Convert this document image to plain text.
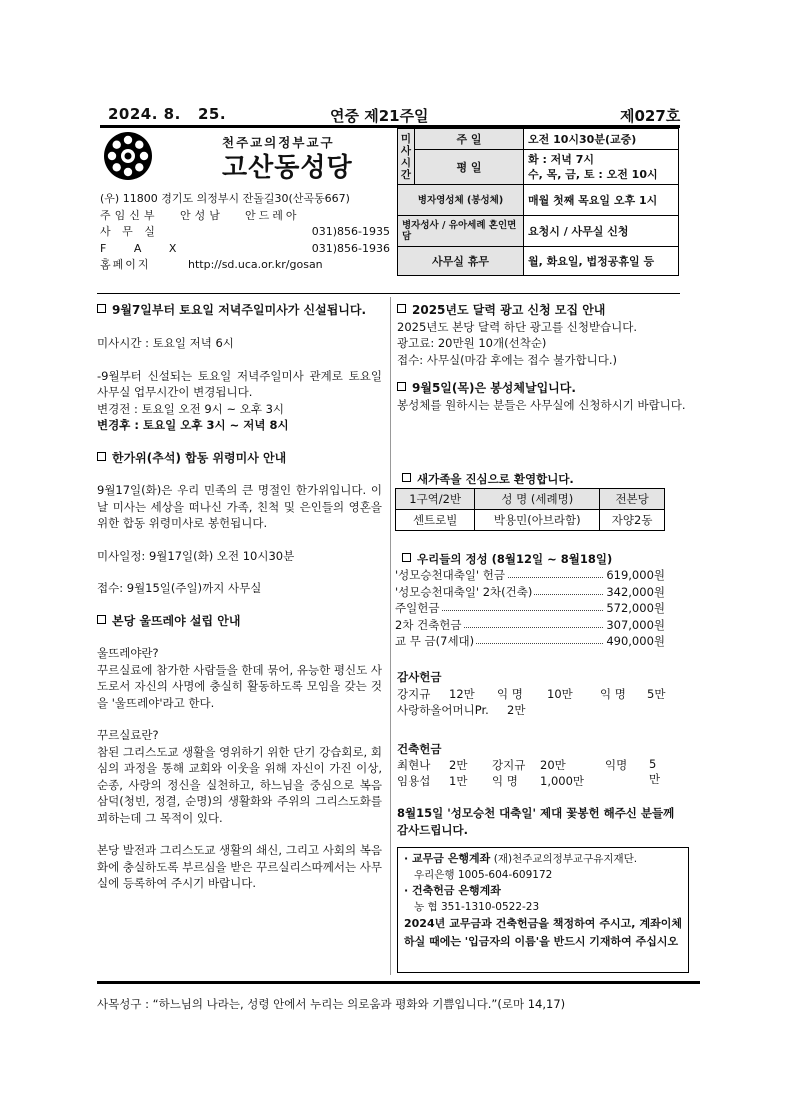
2024. 8.   25.	연중 제21주일	제027호
천주교의정부교구
고산동성당
(우) 11800 경기도 의정부시 잔돌길30(산곡동667)
주임신부 안성남 안드레아
사 무 실	031)856-1935
F A X	031)856-1936
홈페이지	http://sd.uca.or.kr/gosan
미
사
시
간	주 일	오전 10시30분(교중)
	평 일	화 : 저녁 7시
수, 목, 금, 토 : 오전 10시

병자영성체 (봉성체)		매월 첫째 목요일 오후 1시
병자성사 / 유아세례 혼인면담		요청시 / 사무실 신청
사무실 휴무		월, 화요일, 법정공휴일 등
9월7일부터 토요일 저녁주일미사가 신설됩니다.
미사시간 : 토요일 저녁 6시
-9월부터 신설되는 토요일 저녁주일미사 관계로 토요일 사무실 업무시간이 변경됩니다.
변경전 : 토요일 오전 9시 ~ 오후 3시
변경후 : 토요일 오후 3시 ~ 저녁 8시
한가위(추석) 합동 위령미사 안내
9월17일(화)은 우리 민족의 큰 명절인 한가위입니다. 이날 미사는 세상을 떠나신 가족, 친척 및 은인들의 영혼을 위한 합동 위령미사로 봉헌됩니다.
미사일정: 9월17일(화) 오전 10시30분
접수: 9월15일(주일)까지 사무실
본당 울뜨레야 설립 안내
울뜨레야란?
꾸르실료에 참가한 사람들을 한데 묶어, 유능한 평신도 사도로서 자신의 사명에 충실히 활동하도록 모임을 갖는 것을 '울뜨레야'라고 한다.
꾸르실료란?
참된 그리스도교 생활을 영위하기 위한 단기 강습회로, 회심의 과정을 통해 교회와 이웃을 위해 자신이 가진 이상, 순종, 사랑의 정신을 실천하고, 하느님을 중심으로 복음 삼덕(청빈, 정결, 순명)의 생활화와 주위의 그리스도화를 꾀하는데 그 목적이 있다.
본당 발전과 그리스도교 생활의 쇄신, 그리고 사회의 복음화에 충실하도록 부르심을 받은 꾸르실리스따께서는 사무실에 등록하여 주시기 바랍니다.
2025년도 달력 광고 신청 모집 안내
2025년도 본당 달력 하단 광고를 신청받습니다.
광고료: 20만원 10개(선착순)
접수: 사무실(마감 후에는 접수 불가합니다.)
9월5일(목)은 봉성체날입니다.
봉성체를 원하시는 분들은 사무실에 신청하시기 바랍니다.
새가족을 진심으로 환영합니다.
1구역/2반	성 명 (세례명)	전본당
센트로빌	박용민(아브라함)	자양2동
우리들의 정성 (8월12일 ~ 8월18일)
'성모승천대축일' 헌금	619,000원
'성모승천대축일' 2차(건축)	342,000원
주일헌금	572,000원
2차 건축헌금	307,000원
교 무 금(7세대)	490,000원
감사헌금
강지규 12만 익 명 10만 익 명 5만
사랑하올어머니Pr. 2만
건축헌금
최현나 2만 강지규 20만	익명 5만
임용섭 1만 익 명 1,000만
8월15일 '성모승천 대축일' 제대 꽃봉헌 해주신 분들께 감사드립니다.
· 교무금 은행계좌 (재)천주교의정부교구유지재단.
우리은행 1005-604-609172
· 건축헌금 은행계좌
농 협 351-1310-0522-23
2024년 교무금과 건축헌금을 책정하여 주시고, 계좌이체 하실 때에는 '입금자의 이름'을 반드시 기재하여 주십시오
사목성구 : “하느님의 나라는, 성령 안에서 누리는 의로움과 평화와 기쁨입니다.”(로마 14,17)
